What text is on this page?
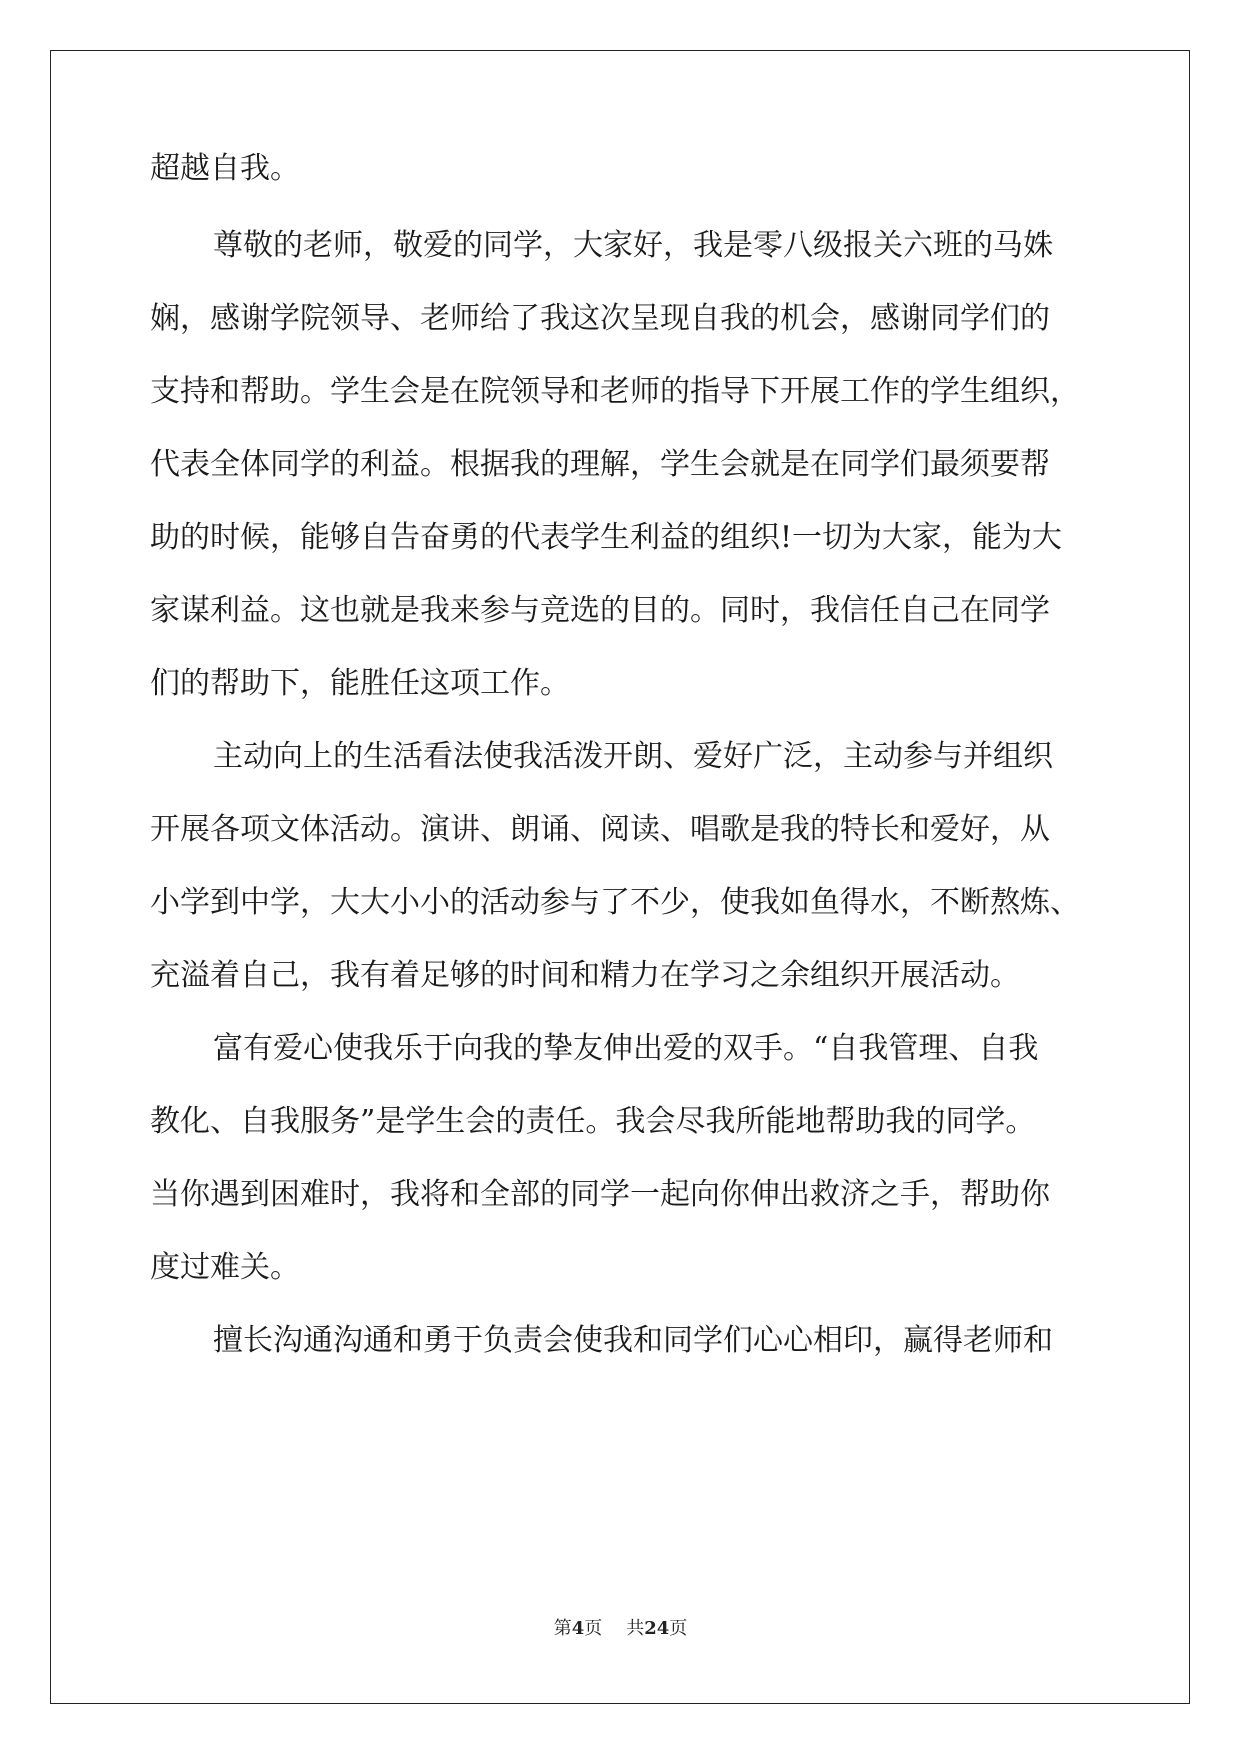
超越自我。
尊敬的老师，敬爱的同学，大家好，我是零八级报关六班的马姝
娴，感谢学院领导、老师给了我这次呈现自我的机会，感谢同学们的
支持和帮助。学生会是在院领导和老师的指导下开展工作的学生组织，
代表全体同学的利益。根据我的理解，学生会就是在同学们最须要帮
助的时候，能够自告奋勇的代表学生利益的组织!一切为大家，能为大
家谋利益。这也就是我来参与竞选的目的。同时，我信任自己在同学
们的帮助下，能胜任这项工作。
主动向上的生活看法使我活泼开朗、爱好广泛，主动参与并组织
开展各项文体活动。演讲、朗诵、阅读、唱歌是我的特长和爱好，从
小学到中学，大大小小的活动参与了不少，使我如鱼得水，不断熬炼、
充溢着自己，我有着足够的时间和精力在学习之余组织开展活动。
富有爱心使我乐于向我的挚友伸出爱的双手。“自我管理、自我
教化、自我服务”是学生会的责任。我会尽我所能地帮助我的同学。
当你遇到困难时，我将和全部的同学一起向你伸出救济之手，帮助你
度过难关。
擅长沟通沟通和勇于负责会使我和同学们心心相印，赢得老师和
第4页 共24页
